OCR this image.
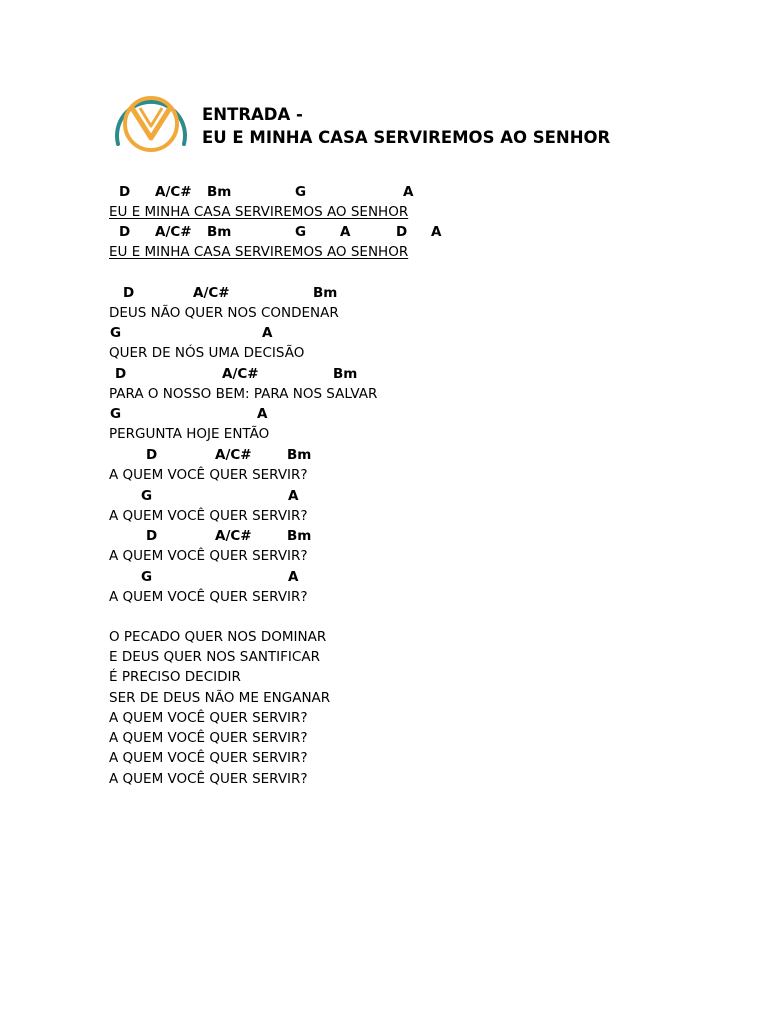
ENTRADA -
EU E MINHA CASA SERVIREMOS AO SENHOR
D A/C# Bm	G	A
EU E MINHA CASA SERVIREMOS AO SENHOR
D A/C# Bm	G	A	D A
EU E MINHA CASA SERVIREMOS AO SENHOR
D	A/C#	Bm
DEUS NÃO QUER NOS CONDENAR
G	A
QUER DE NÓS UMA DECISÃO
D	A/C#	Bm
PARA O NOSSO BEM: PARA NOS SALVAR
G	A
PERGUNTA HOJE ENTÃO
D	A/C#	Bm
A QUEM VOCÊ QUER SERVIR?
G	A
A QUEM VOCÊ QUER SERVIR?
D	A/C#	Bm
A QUEM VOCÊ QUER SERVIR?
G	A
A QUEM VOCÊ QUER SERVIR?
O PECADO QUER NOS DOMINAR
E DEUS QUER NOS SANTIFICAR
É PRECISO DECIDIR
SER DE DEUS NÃO ME ENGANAR
A QUEM VOCÊ QUER SERVIR?
A QUEM VOCÊ QUER SERVIR?
A QUEM VOCÊ QUER SERVIR?
A QUEM VOCÊ QUER SERVIR?
